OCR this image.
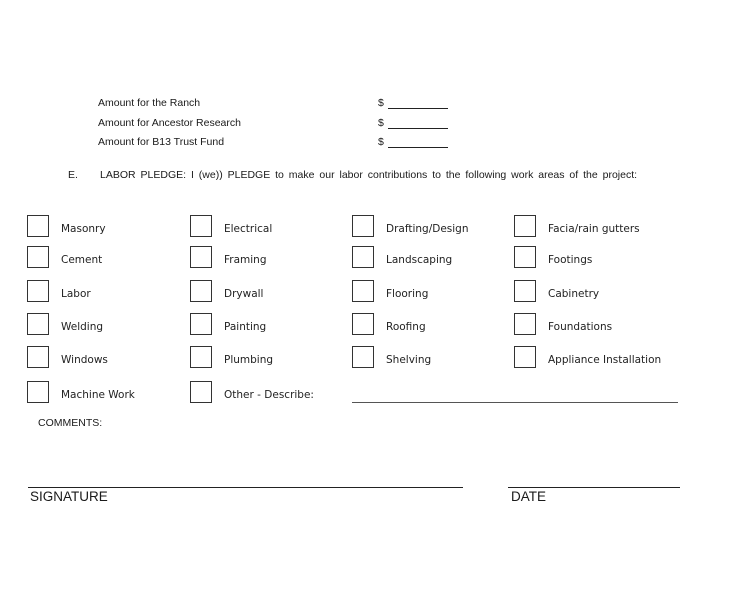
Amount for the Ranch	$
Amount for Ancestor Research	$
Amount for B13 Trust Fund	$
E. LABOR PLEDGE: I (we)) PLEDGE to make our labor contributions to the following work areas of the project:
Masonry	Electrical	Drafting/Design	Facia/rain gutters
Cement	Framing	Landscaping	Footings
Labor	Drywall	Flooring	Cabinetry
Welding	Painting	Roofing	Foundations
Windows	Plumbing	Shelving	Appliance Installation
Machine Work	Other - Describe:
COMMENTS:
SIGNATURE	DATE
